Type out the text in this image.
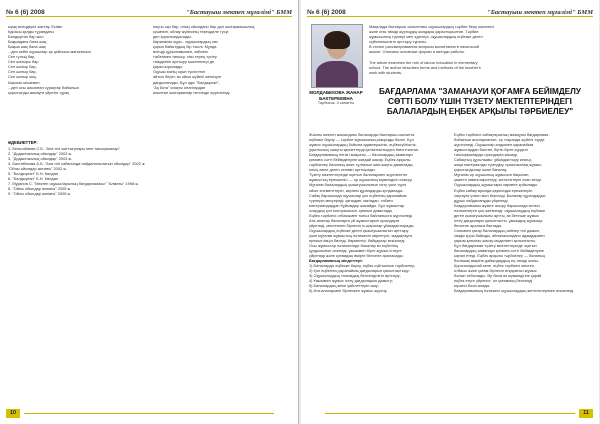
№ 6 (6) 2008	"Бастауыш мектеп мұғалімі" БММ
ырақ өлеңдерін жаттау. Есімін
Қарасы қалды тұрандағы
Балдырған бар жол
Бақшадағы бала шақ
Бақша шақ бала шақ
...деп кейін оқушылар әр қайсысы мағынасын
Сен гүлсің бар,
Сен шатыры бар
Сен шатыр бар,
Сен шатыр бар,
Сен шатыр жоқ,
Ықылас кешемен.
...деп осы жасалған сұрақтар бойынша
қорытынды жасауға үйретіп тұрақ
нақты оқи бар, оның ойындағы бар дәл шығармашылық
күшеюін, ойлау жүйесінің тереңделе түсуі
деп қорытындылады.
Көркемсөз оқуы - оқушылардың сөз
қорын байытудың бір тәсілі. Мұнда
өлеңді құрылымымен, сөйлем
тізбегімен танысу, оны терең түсіну
тиімділігін арттыру мәселелері де
қарастырылады.
Оқушы өзінің оқып түсінгенін
айтып беріп, өз ойын жүйелі жеткізуге
дағдыланады. Бұл әдіс "Балдырған",
"Ақ бота" сияқты кітаптардан
алынған шығармалар негізінде жүргізіледі.
ӘДЕБИЕТТЕР:
1. Бельгибаева С.Б. "Ана тілі жаттығулары мен тапсырмалар"
2. "Дидактикалық ойындар" 2003 ж.
3. "Дидактикалық ойындар" 2003 ж.
4. Бахтибекова А.Б. "Ана тілі сабағында пайдаланылатын ойындар" 2002 ж.
"Ойлы ойындар жинағы" 2002 ж.
5. "Балдырған" Б.Н. Көлдан
6. "Балдырған" Б.Н. Көлдан
7. Мұқанов С. "Мектеп оқушыларының бағдарламасы" "Алматы" 1998 ж.
8. "Ойлы ойындар жинағы" 2005 ж.
9. "Ойлы ойындар жинағы" 2005 ж.
10
№ 6 (6) 2008	"Бастауыш мектеп мұғалімі" БММ
МОЛДАБЕКОВА ЖАНАР БАКТЕРЕЕВНА
Тарбиеші, 4 санатты
Мақалада бастауыш сыныптағы оқушылардың тәрбие беру мәселесі
және оны тиімді жүргізудің жолдары қарастырылған. Тәрбие
жұмысының түрлері мен әдістері, оқушылардың еңбекке деген
сүйіспеншілігін арттыру туралы.
В статье рассматриваются вопросы воспитания в начальной
школе. Описаны основные формы и методы работы.
The article examines the role of labour education in elementary
school. The author describes forms and methods of the teacher's
work with students.
БАҒДАРЛАМА "ЗАМАНАУИ ҚОҒАМҒА БЕЙІМДЕЛУ СӨТТІ БОЛУ ҮШІН ТҮЗЕТУ МЕКТЕПТЕРІНДЕГІ БАЛАЛАРДЫҢ ЕҢБЕК АРҚЫЛЫ ТӘРБИЕЛЕУ"
Жалпы мектеп жасындағы балаларды бастауыш сыныпта
еңбекке баулу — тәрбие жұмысының маңызды бөлігі. Бұл
жұмыс оқушылардың бойына адамгершілік, еңбексүйгіштік,
ұқыптылық сияқты қасиеттерді қалыптастыруға бағытталған.
Бағдарламаның негізгі мақсаты — балалардың заманауи
қоғамға сәтті бейімделуіне жағдай жасау. Еңбек арқылы
тәрбиелеу баланың жеке тұлғасын жан-жақты дамытады,
оның өзіне деген сенімін арттырады.
Түзету мектептерінде оқитын балалармен жүргізілетін
жұмыстың ерекшелігі — әр оқушының мүмкіндігін ескеру.
Мұғалім балалардың қызығушылығын ояту үшін түрлі
ойын элементтерін, көрнекі құралдарды қолданады.
Сабақ барысында оқушылар қол еңбегінің қарапайым
түрлерін меңгереді: қағаздан, матадан, табиғи
материалдардан бұйымдар жасайды. Бұл жұмыстар
олардың қол моторикасын, қиялын дамытады.
Еңбек тәрбиесі отбасымен тығыз байланыста жүргізіледі.
Ата-аналар балаларға үй жұмыстарын орындауға
үйретеді, мектеппен бірлесіп іс-шаралар ұйымдастырады.
Оқушылардың еңбекке деген қызығушылығын арттыру
үшін мұғалім жұмыстың нәтижесін көрсетуге, мадақтауға
ерекше көңіл бөледі. Көрмелер, байқаулар өткізіледі.
Осы жұмыстар нәтижесінде балалар өз еңбегінің
құндылығын сезінеді, ұжыммен бірге жұмыс істеуге
үйренеді және қоғамдық өмірге белсене араласады.
Бағдарламаның міндеттері:
1) Балаларды еңбекке баулу, еңбек сүйгіштікке тәрбиелеу;
2) Қол еңбегінің қарапайым дағдыларын қалыптастыру;
3) Оқушылардың танымдық белсенділігін арттыру;
4) Ұжыммен жұмыс істеу дағдыларын дамыту;
5) Балалардың жеке қабілеттерін ашу;
6) Ата-аналармен бірлескен жұмыс жүргізу.
Еңбек тәрбиесі сабақтарының мазмұны бағдарлама
бойынша жоспарланып, әр тоқсанда жүйелі түрде
жүргізіледі. Оқушылар алдымен қарапайым
жұмыстардан бастап, бірте-бірте күрделі
тапсырмаларды орындауға көшеді.
Сабақтың құрылымы: ұйымдастыру кезеңі,
жаңа материалды түсіндіру, практикалық жұмыс,
қорытындылау және бағалау.
Мұғалім әр оқушының жұмысын бақылап,
қажетті көмек көрсетеді, жетістіктерін атап өтеді.
Оқушылардың жұмыстары көрмеге қойылады.
Еңбек сабақтарында қауіпсіздік ережелерін
сақтауға үлкен мән беріледі. Балалар құралдарды
дұрыс пайдалануды үйренеді.
Бағдарламаны жүзеге асыру барысында келесі
нәтижелерге қол жеткізілді: оқушылардың еңбекке
деген қызығушылығы артты, өз бетінше жұмыс
істеу дағдылары қалыптасты, ұжымдық жұмысқа
белсене араласа бастады.
Сонымен қатар балалардың сөйлеу тілі дамып,
сөздік қоры байыды, айналасындағы адамдармен
қарым-қатынас жасау мәдениеті қалыптасты.
Бұл бағдарлама түзету мектептерінде оқитын
балалардың заманауи қоғамға сәтті бейімделуіне
ықпал етеді. Еңбек арқылы тәрбиелеу — баланың
болашақ өміріне дайындаудың ең тиімді жолы.
Қорытындылай келе, еңбек тәрбиесі мектеп,
отбасы және қоғам бірлесіп атқаратын жұмыс
болып табылады. Әр бала өз мүмкіндігіне қарай
еңбек етуге үйренсе, ол қоғамның белсенді
мүшесі бола алады.
Бағдарламаның нәтижесі оқушылардың жетістіктерімен өлшенеді.
11
